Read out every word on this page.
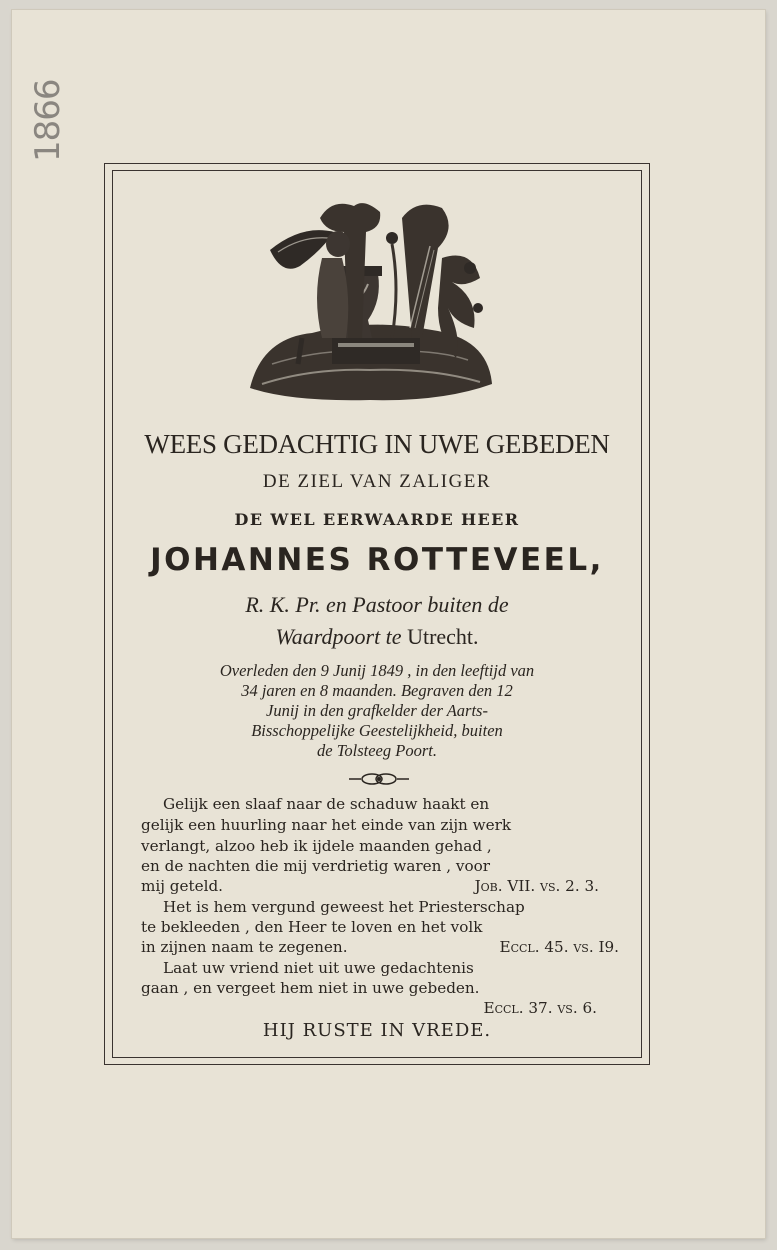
1866
WEES GEDACHTIG IN UWE GEBEDEN
DE ZIEL VAN ZALIGER
DE WEL EERWAARDE HEER
JOHANNES ROTTEVEEL,
R. K. Pr. en Pastoor buiten de
Waardpoort te Utrecht.
Overleden den 9 Junij 1849 , in den leeftijd van
34 jaren en 8 maanden. Begraven den 12
Junij in den grafkelder der Aarts-
Bisschoppelijke Geestelijkheid, buiten
de Tolsteeg Poort.
Gelijk een slaaf naar de schaduw haakt en
gelijk een huurling naar het einde van zijn werk
verlangt, alzoo heb ik ijdele maanden gehad ,
en de nachten die mij verdrietig waren , voor
mij geteld.	Job. VII. vs. 2. 3.
Het is hem vergund geweest het Priesterschap
te bekleeden , den Heer te loven en het volk
in zijnen naam te zegenen.	Eccl. 45. vs. I9.
Laat uw vriend niet uit uwe gedachtenis
gaan , en vergeet hem niet in uwe gebeden.
Eccl. 37. vs. 6.
HIJ RUSTE IN VREDE.
